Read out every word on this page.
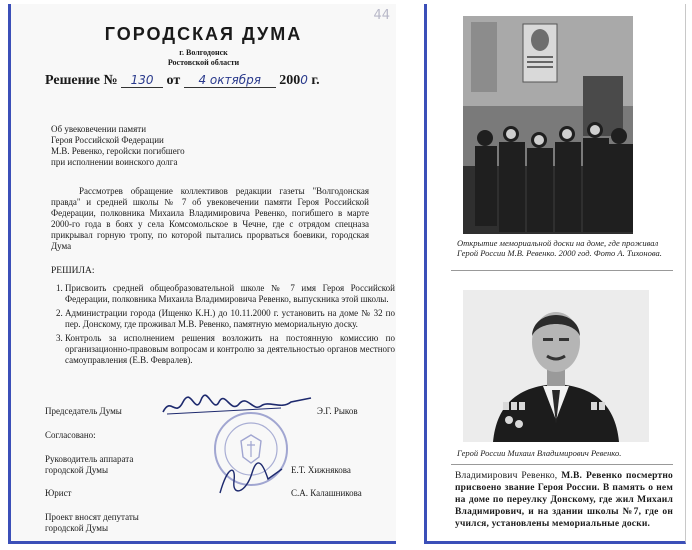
44
ГОРОДСКАЯ ДУМА
г. Волгодонск
Ростовской области
Решение № 130 от 4 октября 2000 г.
Об увековечении памяти
Героя Российской Федерации
М.В. Ревенко, геройски погибшего
при исполнении воинского долга
Рассмотрев обращение коллективов редакции газеты "Волгодонская правда" и средней школы № 7 об увековечении памяти Героя Российской Федерации, полковника Михаила Владимировича Ревенко, погибшего в марте 2000-го года в боях у села Комсомольское в Чечне, где с отрядом спецназа прикрывал горную тропу, по которой пытались прорваться боевики, городская Дума
РЕШИЛА:
1. Присвоить средней общеобразовательной школе № 7 имя Героя Российской Федерации, полковника Михаила Владимировича Ревенко, выпускника этой школы.
2. Администрации города (Ищенко К.Н.) до 10.11.2000 г. установить на доме № 32 по пер. Донскому, где проживал М.В. Ревенко, памятную мемориальную доску.
3. Контроль за исполнением решения возложить на постоянную комиссию по организационно-правовым вопросам и контролю за деятельностью органов местного самоуправления (Е.В. Февралев).
Председатель Думы	Э.Г. Рыков
Согласовано:
Руководитель аппарата
городской Думы	Е.Т. Хижнякова
Юрист	С.А. Калашникова
Проект вносят депутаты
городской Думы
Открытие мемориальной доски на доме, где проживал Герой России М.В. Ревенко. 2000 год. Фото А. Тихонова.
Герой России Михаил Владимирович Ревенко.
Владимирович Ревенко, М.В. Ревенко посмертно присвоено звание Героя России. В память о нем на доме по переулку Донскому, где жил Михаил Владимирович, и на здании школы №7, где он учился, установлены мемориальные доски.
